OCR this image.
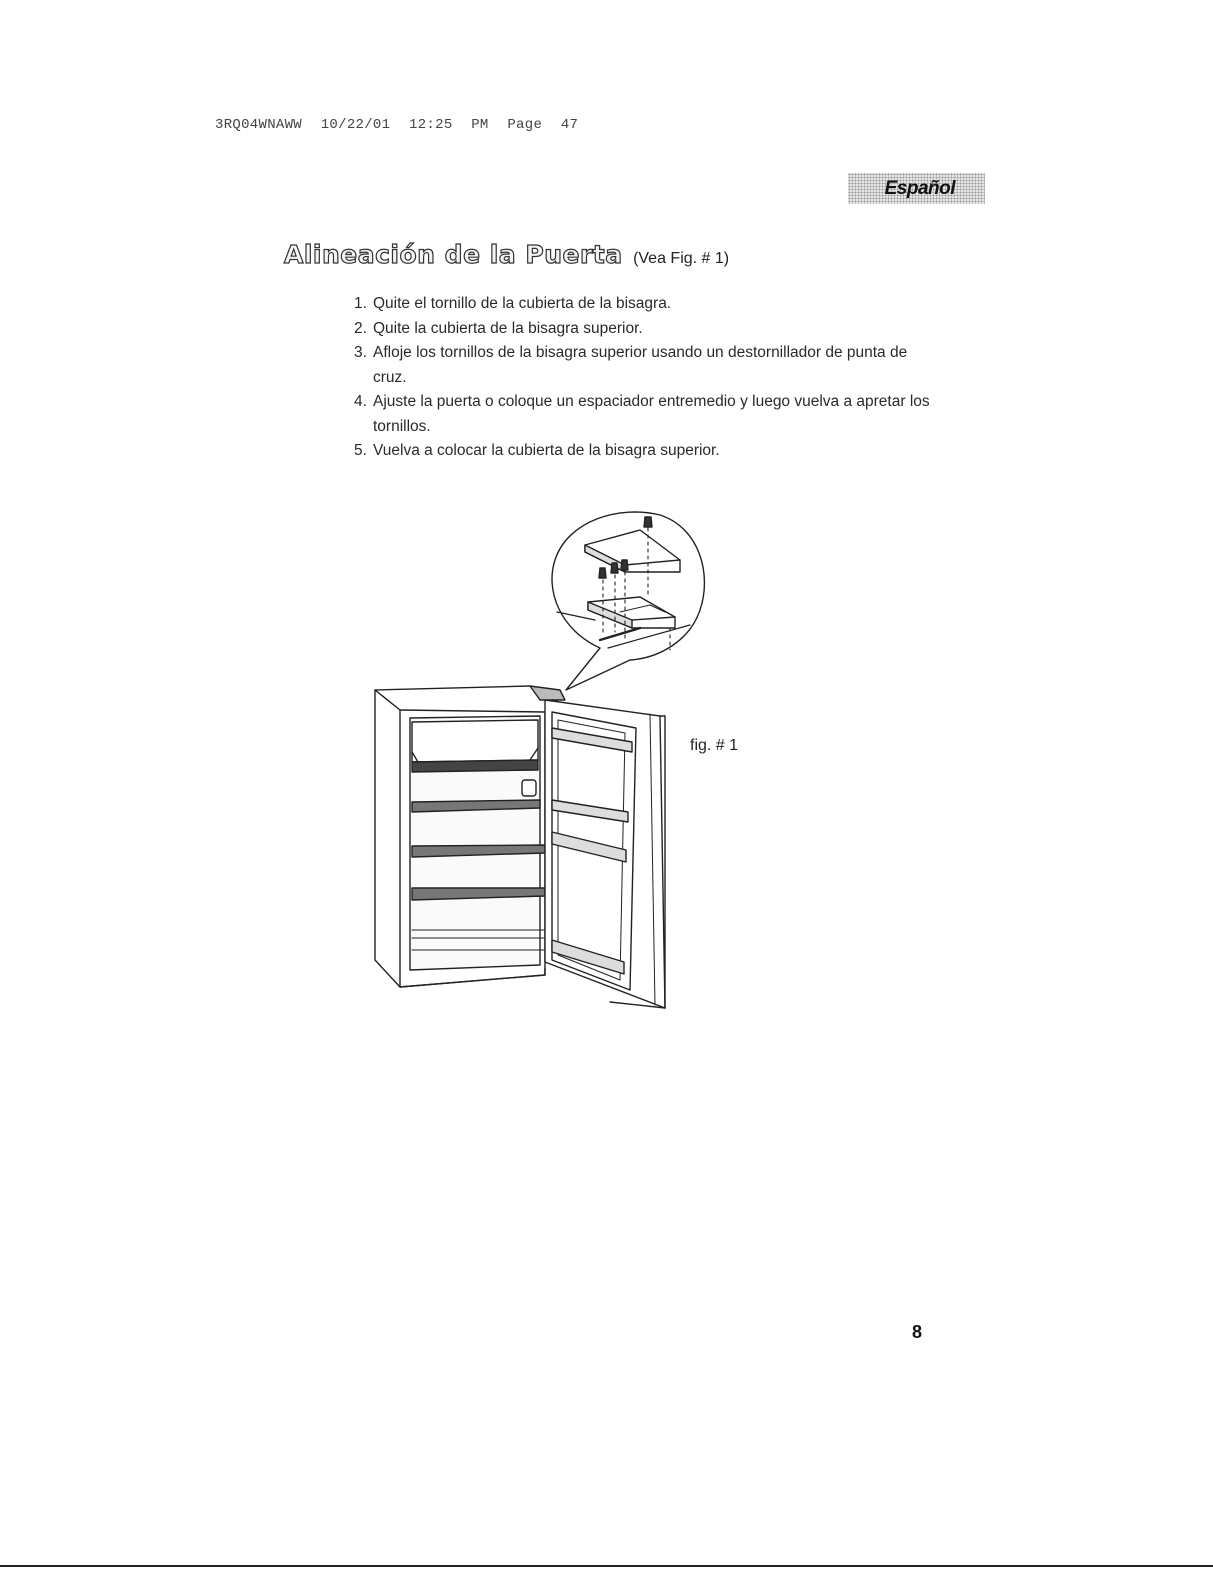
3RQ04WNAWW 10/22/01 12:25 PM Page 47
Español
Alineación de la Puerta (Vea Fig. # 1)
1. Quite el tornillo de la cubierta de la bisagra.
2. Quite la cubierta de la bisagra superior.
3. Afloje los tornillos de la bisagra superior usando un destornillador de punta de cruz.
4. Ajuste la puerta o coloque un espaciador entremedio y luego vuelva a apretar los tornillos.
5. Vuelva a colocar la cubierta de la bisagra superior.
fig. # 1
8
